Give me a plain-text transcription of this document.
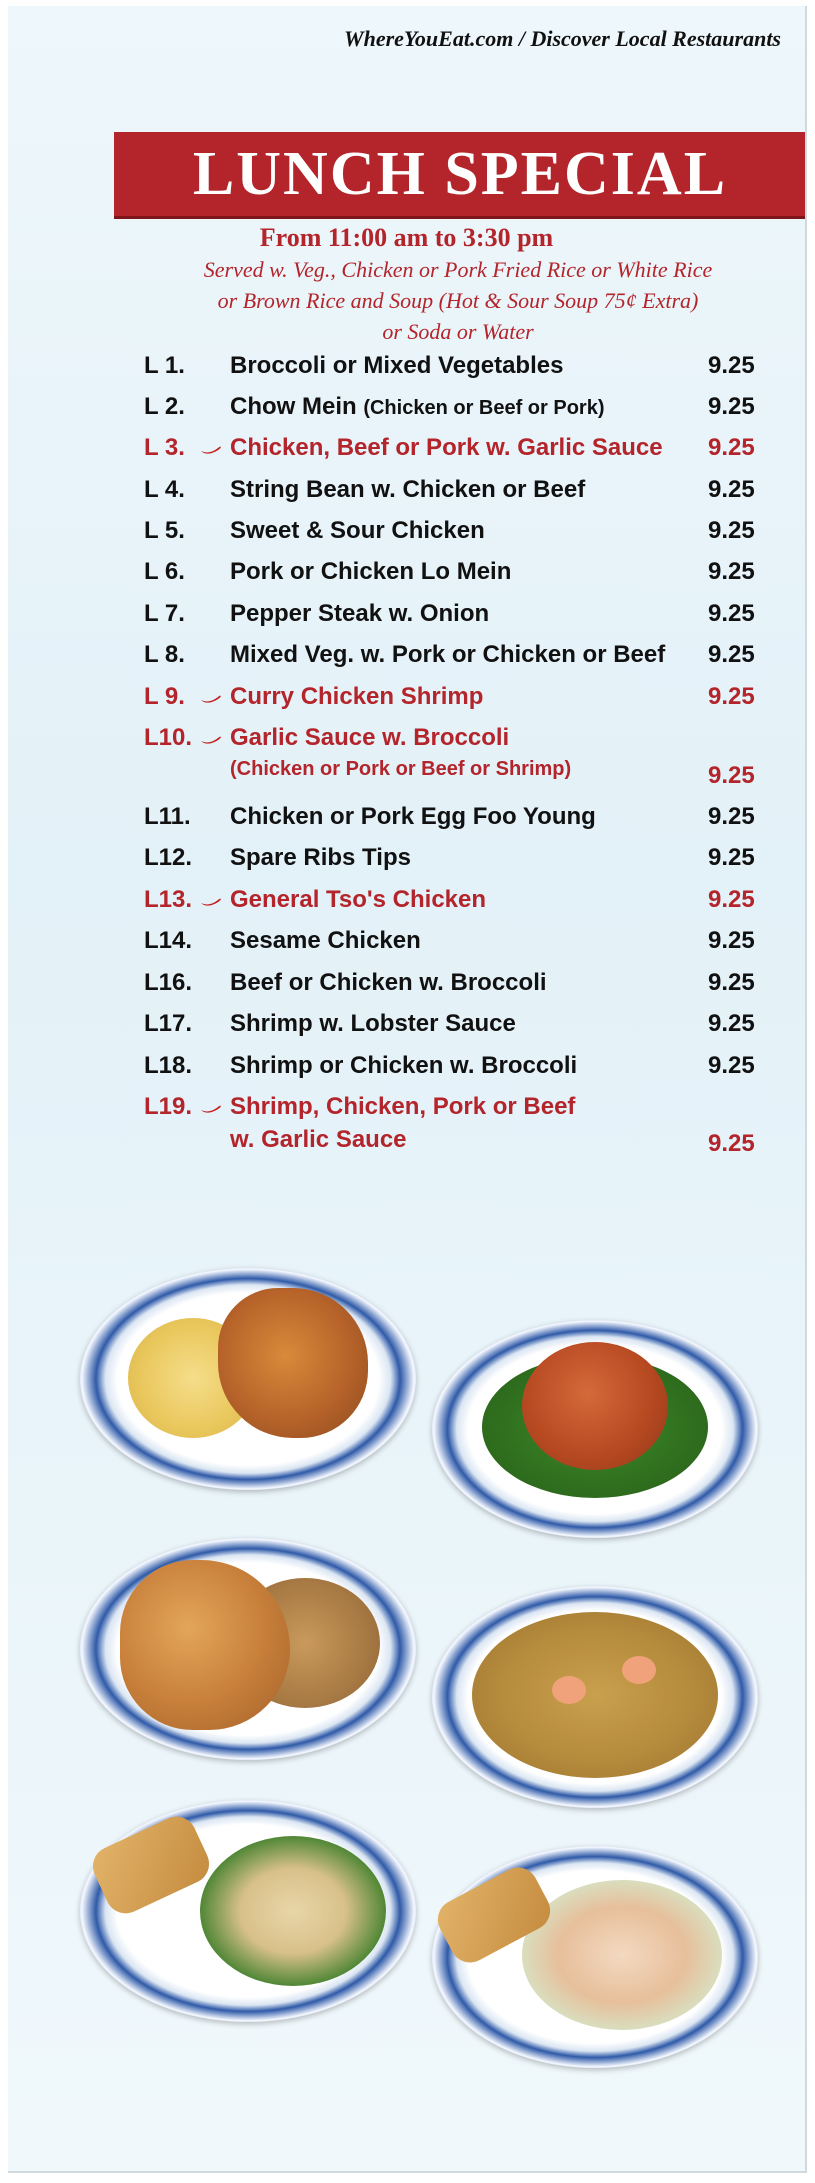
WhereYouEat.com / Discover Local Restaurants
LUNCH SPECIAL
From 11:00 am to 3:30 pm
Served w. Veg., Chicken or Pork Fried Rice or White Rice
or Brown Rice and Soup (Hot & Sour Soup 75¢ Extra)
or Soda or Water
L 1. Broccoli or Mixed Vegetables	9.25
L 2. Chow Mein (Chicken or Beef or Pork)	9.25
L 3. Chicken, Beef or Pork w. Garlic Sauce 9.25
L 4. String Bean w. Chicken or Beef	9.25
L 5. Sweet & Sour Chicken	9.25
L 6. Pork or Chicken Lo Mein	9.25
L 7. Pepper Steak w. Onion	9.25
L 8. Mixed Veg. w. Pork or Chicken or Beef 9.25
L 9. Curry Chicken Shrimp	9.25
L10. Garlic Sauce w. Broccoli
(Chicken or Pork or Beef or Shrimp)	9.25
L11. Chicken or Pork Egg Foo Young	9.25
L12. Spare Ribs Tips	9.25
L13. General Tso's Chicken	9.25
L14. Sesame Chicken	9.25
L16. Beef or Chicken w. Broccoli	9.25
L17. Shrimp w. Lobster Sauce	9.25
L18. Shrimp or Chicken w. Broccoli	9.25
L19. Shrimp, Chicken, Pork or Beef
w. Garlic Sauce	9.25
